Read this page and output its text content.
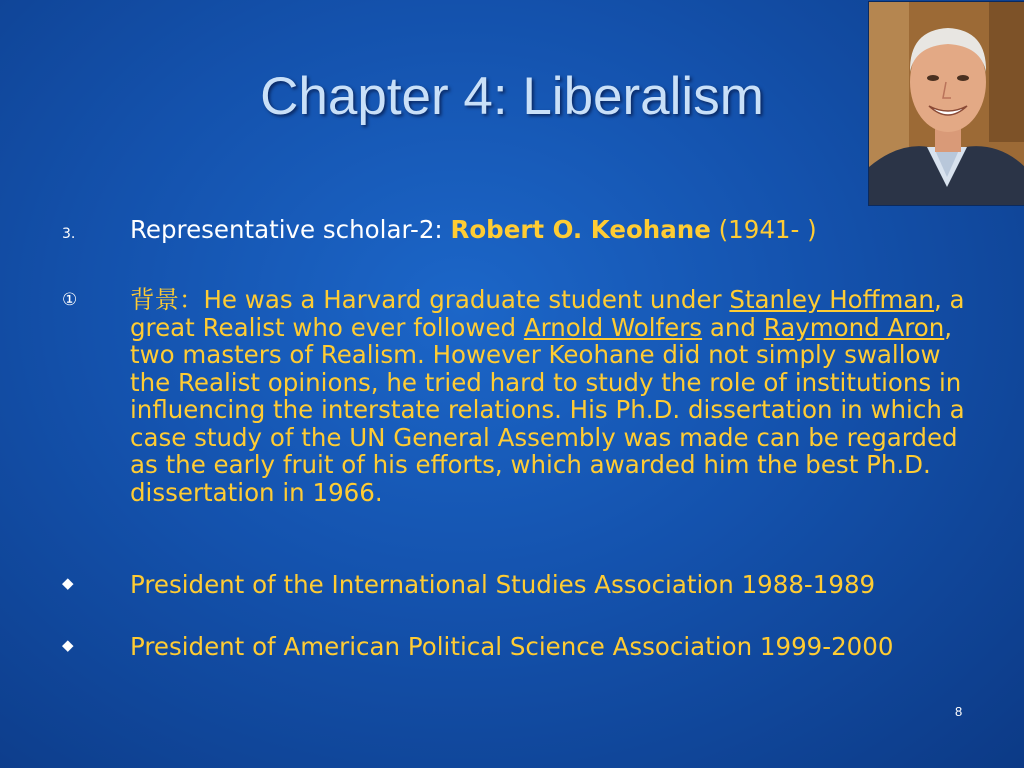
Chapter 4: Liberalism
3. Representative scholar-2: Robert O. Keohane (1941- )
① 背景：He was a Harvard graduate student under Stanley Hoffman, a great Realist who ever followed Arnold Wolfers and Raymond Aron, two masters of Realism. However Keohane did not simply swallow the Realist opinions, he tried hard to study the role of institutions in influencing the interstate relations. His Ph.D. dissertation in which a case study of the UN General Assembly was made can be regarded as the early fruit of his efforts, which awarded him the best Ph.D. dissertation in 1966.
◆ President of the International Studies Association 1988-1989
◆ President of American Political Science Association 1999-2000
8
